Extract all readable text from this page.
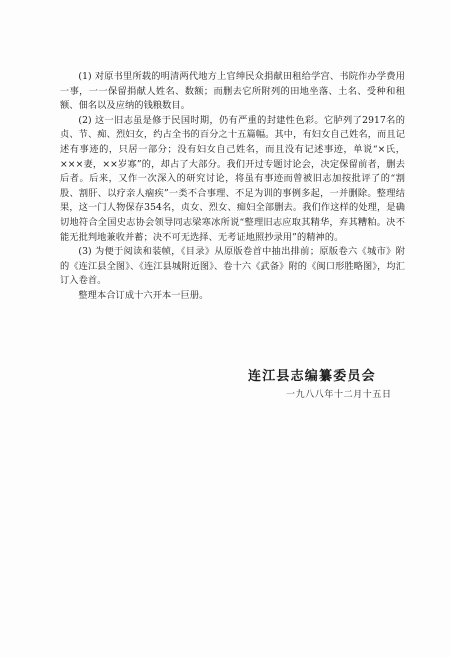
(1) 对原书里所载的明清两代地方上官绅民众捐献田租给学宫、书院作办学费用一事，一一保留捐献人姓名、数额；而删去它所附列的田地坐落、土名、受种和租额、佃名以及应纳的钱粮数目。

(2) 这一旧志虽是修于民国时期，仍有严重的封建性色彩。它胪列了2917名的贞、节、痴、烈妇女，约占全书的百分之十五篇幅。其中，有妇女自己姓名，而且记述有事迹的，只居一部分；没有妇女自己姓名，而且没有记述事迹，单说“×氏，×××妻，××岁寡”的，却占了大部分。我们开过专题讨论会，决定保留前者，删去后者。后来，又作一次深入的研究讨论，将虽有事迹而曾被旧志加按批评了的“割股、割肝、以疗亲人痼疾”一类不合事理、不足为训的事例多起，一并删除。整理结果，这一门人物保存354名，贞女、烈女、痴妇全部删去。我们作这样的处理，是确切地符合全国史志协会领导同志梁寒冰所说“整理旧志应取其精华，弃其糟粕。决不能无批判地兼收并蓄；决不可无选择、无考证地照抄录用”的精神的。

(3) 为便于阅读和装帧，《目录》从原版卷首中抽出排前；原版卷六《城市》附的《连江县全图》、《连江县城附近图》、卷十六《武备》附的《闽口形胜略图》，均汇订入卷首。

整理本合订成十六开本一巨册。

连江县志编纂委员会

一九八八年十二月十五日
